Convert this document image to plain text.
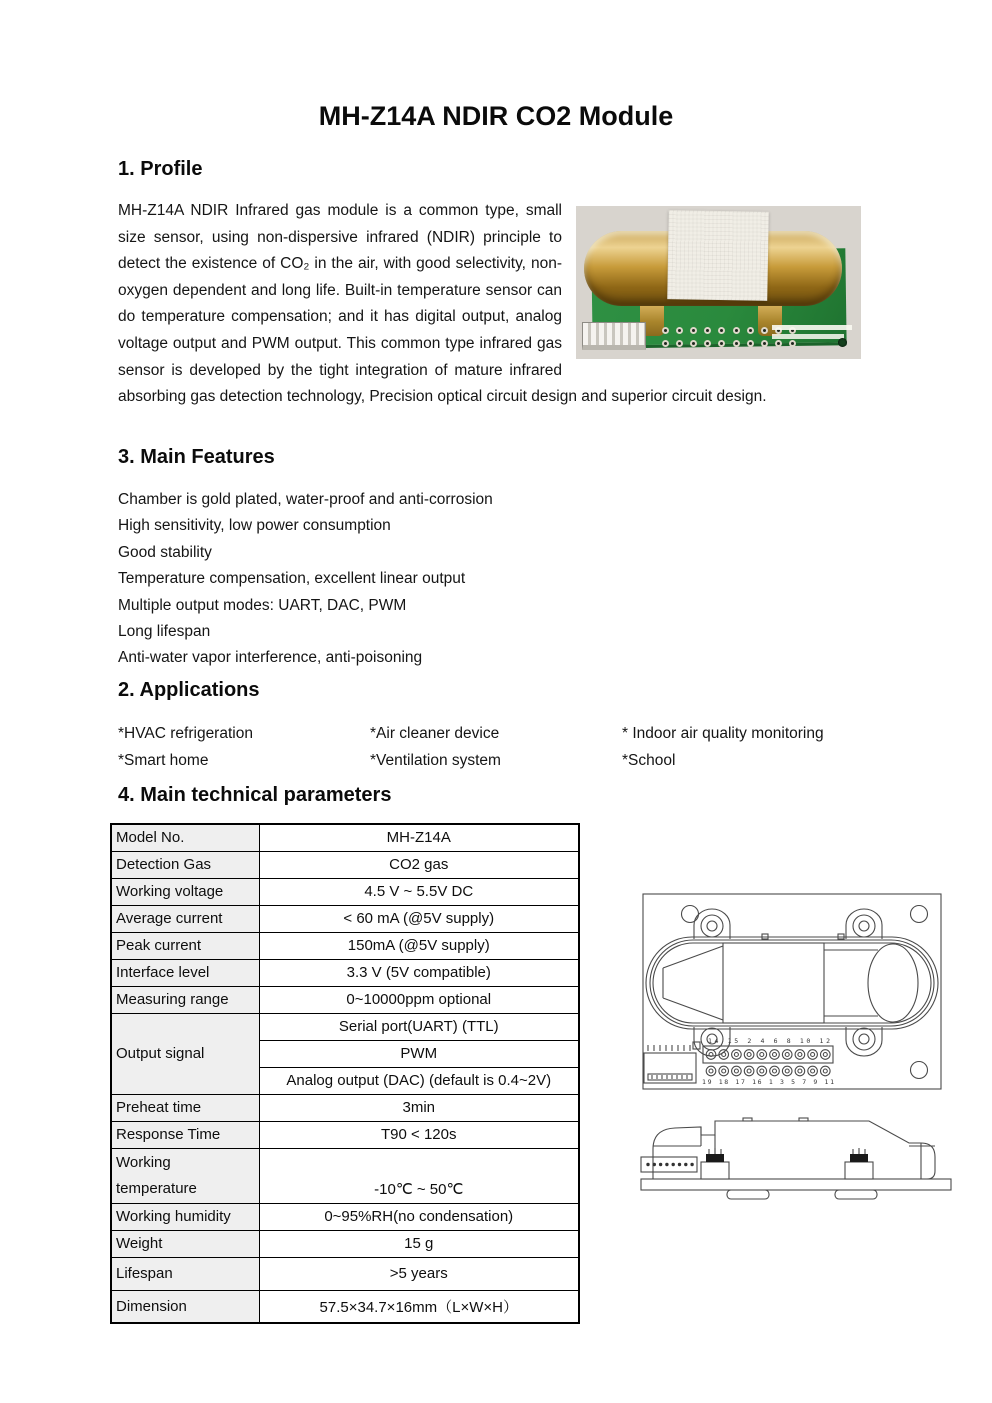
MH-Z14A NDIR CO2 Module
1. Profile
MH-Z14A NDIR Infrared gas module is a common type, small size sensor, using non-dispersive infrared (NDIR) principle to detect the existence of CO₂ in the air, with good selectivity, non-oxygen dependent and long life. Built-in temperature sensor can do temperature compensation; and it has digital output, analog voltage output and PWM output. This common type infrared gas sensor is developed by the tight integration of mature infrared absorbing gas detection technology, Precision optical circuit design and superior circuit design.
3. Main Features
Chamber is gold plated, water-proof and anti-corrosion
High sensitivity, low power consumption
Good stability
Temperature compensation, excellent linear output
Multiple output modes: UART, DAC, PWM
Long lifespan
Anti-water vapor interference, anti-poisoning
2. Applications
*HVAC refrigeration	*Air cleaner device	* Indoor air quality monitoring
*Smart home	*Ventilation system	*School
4. Main technical parameters
Model No.	MH-Z14A
Detection Gas	CO2 gas
Working voltage	4.5 V ~ 5.5V DC
Average current	< 60 mA (@5V supply)
Peak current	150mA (@5V supply)
Interface level	3.3 V (5V compatible)
Measuring range	0~10000ppm optional
Output signal	Serial port(UART) (TTL)
	PWM
	Analog output (DAC) (default is 0.4~2V)
Preheat time	3min
Response Time	T90 < 120s
Working temperature	-10℃ ~ 50℃
Working humidity	0~95%RH(no condensation)
Weight	15 g
Lifespan	>5 years
Dimension	57.5×34.7×16mm（L×W×H）
14 15 2 4 6 8 10 12
19 18 17 16 1 3 5 7 9 11
